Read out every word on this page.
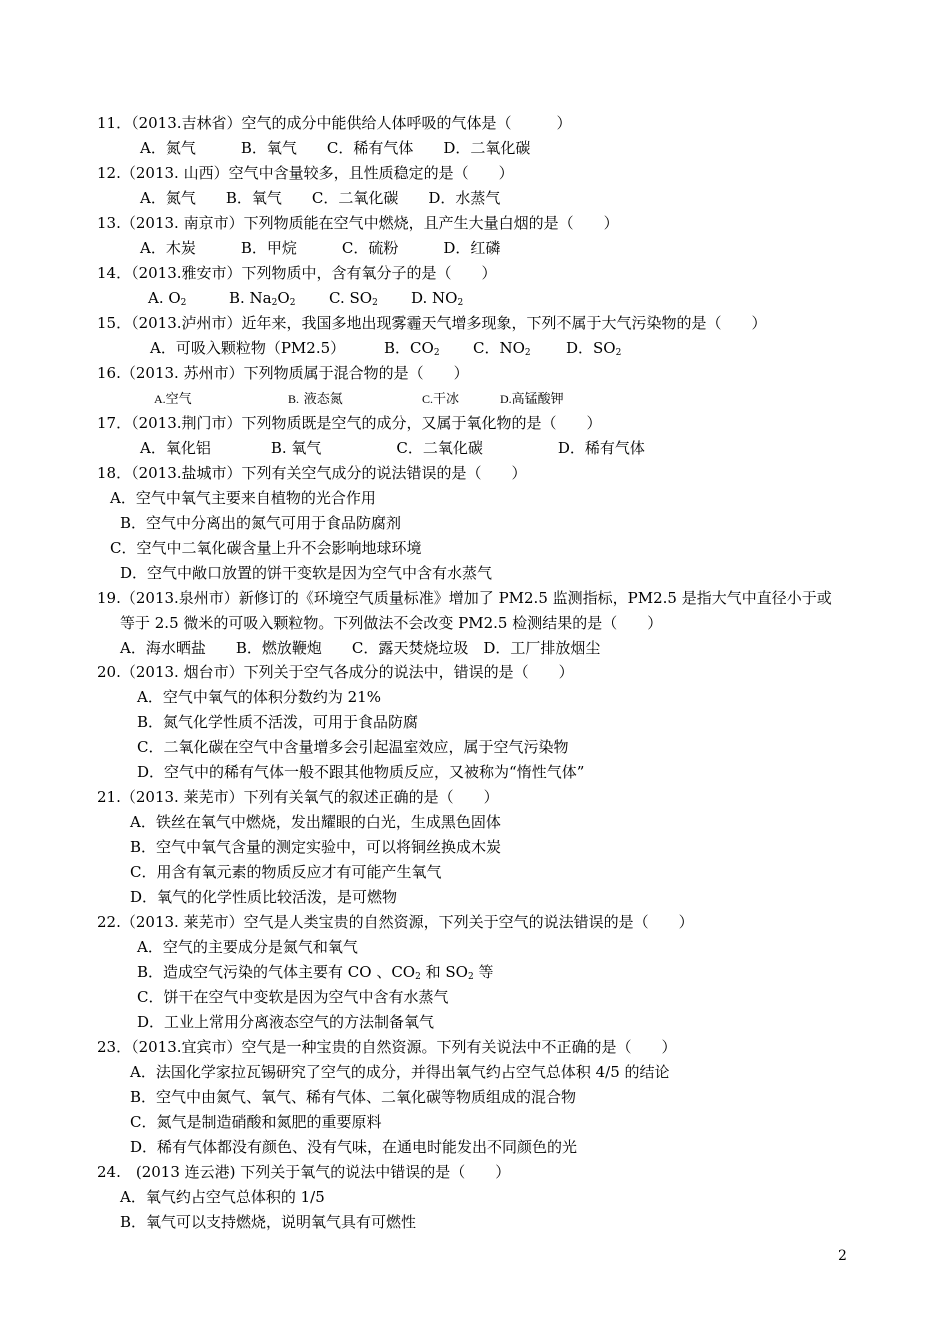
11．（2013.吉林省）空气的成分中能供给人体呼吸的气体是（　　　）
A．氮气　　　B．氧气　　C．稀有气体　　D．二氧化碳
12.（2013. 山西）空气中含量较多，且性质稳定的是（　　）
A．氮气　　B．氧气　　C．二氧化碳　　D．水蒸气
13.（2013. 南京市）下列物质能在空气中燃烧，且产生大量白烟的是（　　）
A．木炭　　　B．甲烷　　　C．硫粉　　　D．红磷
14．（2013.雅安市）下列物质中，含有氧分子的是（　　）
15．（2013.泸州市）近年来，我国多地出现雾霾天气增多现象，下列不属于大气污染物的是（　　）
16.（2013. 苏州市）下列物质属于混合物的是（　　）
17．（2013.荆门市）下列物质既是空气的成分，又属于氧化物的是（　　）
A．氧化铝　　　　B. 氧气　　　　　C．二氧化碳　　　　　D．稀有气体
18．（2013.盐城市）下列有关空气成分的说法错误的是（　　）
A．空气中氧气主要来自植物的光合作用
B．空气中分离出的氮气可用于食品防腐剂
C．空气中二氧化碳含量上升不会影响地球环境
D．空气中敞口放置的饼干变软是因为空气中含有水蒸气
19.（2013.泉州市）新修订的《环境空气质量标准》增加了 PM2.5 监测指标，PM2.5 是指大气中直径小于或
等于 2.5 微米的可吸入颗粒物。下列做法不会改变 PM2.5 检测结果的是（　　）
A．海水晒盐　　B．燃放鞭炮　　C．露天焚烧垃圾　D．工厂排放烟尘
20.（2013. 烟台市）下列关于空气各成分的说法中，错误的是（　　）
A．空气中氧气的体积分数约为 21%
B．氮气化学性质不活泼，可用于食品防腐
C．二氧化碳在空气中含量增多会引起温室效应，属于空气污染物
D．空气中的稀有气体一般不跟其他物质反应，又被称为“惰性气体”
21.（2013. 莱芜市）下列有关氧气的叙述正确的是（　　）
A．铁丝在氧气中燃烧，发出耀眼的白光，生成黑色固体
B．空气中氧气含量的测定实验中，可以将铜丝换成木炭
C．用含有氧元素的物质反应才有可能产生氧气
D．氧气的化学性质比较活泼，是可燃物
22.（2013. 莱芜市）空气是人类宝贵的自然资源，下列关于空气的说法错误的是（　　）
A．空气的主要成分是氮气和氧气
C．饼干在空气中变软是因为空气中含有水蒸气
D．工业上常用分离液态空气的方法制备氧气
23．（2013.宜宾市）空气是一种宝贵的自然资源。下列有关说法中不正确的是（　　）
A．法国化学家拉瓦锡研究了空气的成分，并得出氧气约占空气总体积 4/5 的结论
B．空气中由氮气、氧气、稀有气体、二氧化碳等物质组成的混合物
C．氮气是制造硝酸和氮肥的重要原料
D．稀有气体都没有颜色、没有气味，在通电时能发出不同颜色的光
24.　(2013 连云港) 下列关于氧气的说法中错误的是（　　）
A．氧气约占空气总体积的 1/5
B．氧气可以支持燃烧，说明氧气具有可燃性
A. $O_2$	B. $Na_2O_2$ C. $SO_2$ D. $NO_2$
A．可吸入颗粒物（PM2.5）	B．$CO_2$ C．$NO_2$ D．$SO_2$
A.空气	B. 液态氮	C.干冰	D.高锰酸钾
B．造成空气污染的气体主要有 CO 、$CO_2$ 和 $SO_2$ 等
2
